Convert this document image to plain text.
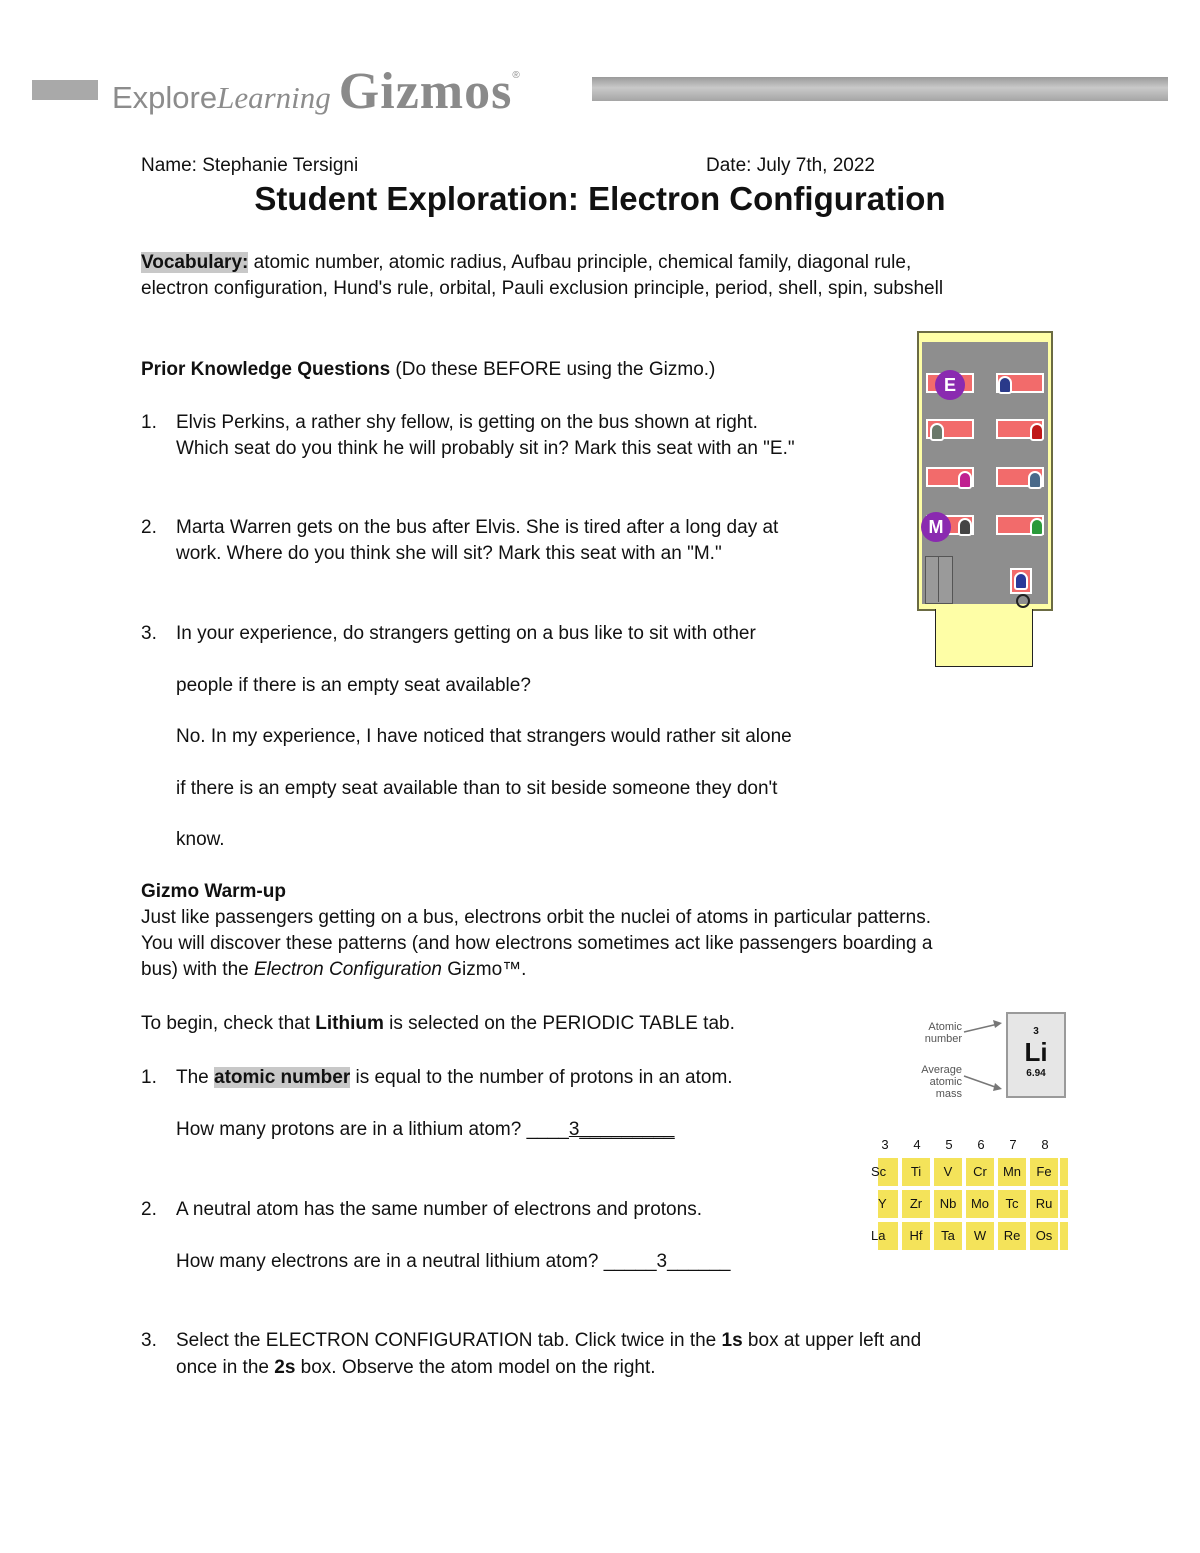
ExploreLearning Gizmos®
Name: Stephanie Tersigni	Date: July 7th, 2022
Student Exploration: Electron Configuration
Vocabulary: atomic number, atomic radius, Aufbau principle, chemical family, diagonal rule,
electron configuration, Hund's rule, orbital, Pauli exclusion principle, period, shell, spin, subshell
Prior Knowledge Questions (Do these BEFORE using the Gizmo.)
1.	Elvis Perkins, a rather shy fellow, is getting on the bus shown at right.
Which seat do you think he will probably sit in? Mark this seat with an "E."
2.	Marta Warren gets on the bus after Elvis. She is tired after a long day at
work. Where do you think she will sit? Mark this seat with an "M."
3.	In your experience, do strangers getting on a bus like to sit with other
people if there is an empty seat available?
No. In my experience, I have noticed that strangers would rather sit alone
if there is an empty seat available than to sit beside someone they don't
know.
E
M
Gizmo Warm-up
Just like passengers getting on a bus, electrons orbit the nuclei of atoms in particular patterns.
You will discover these patterns (and how electrons sometimes act like passengers boarding a
bus) with the Electron Configuration Gizmo™.
To begin, check that Lithium is selected on the PERIODIC TABLE tab.
1.	The atomic number is equal to the number of protons in an atom.
How many protons are in a lithium atom? ____3_________
2.	A neutral atom has the same number of electrons and protons.
How many electrons are in a neutral lithium atom? _____3______
3.	Select the ELECTRON CONFIGURATION tab. Click twice in the 1s box at upper left and
once in the 2s box. Observe the atom model on the right.
Atomic
number
Average
atomic
mass
3
Li
6.94
3	4	5	6	7	8
Sc	Ti	V	Cr	Mn	Fe
Y	Zr	Nb	Mo	Tc	Ru
La	Hf	Ta	W	Re	Os
